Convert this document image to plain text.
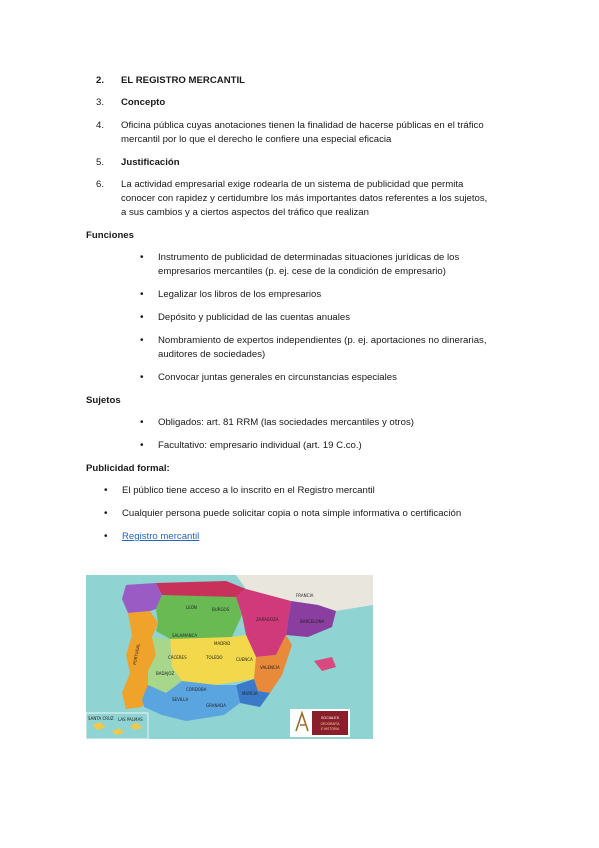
2. EL REGISTRO MERCANTIL
3. Concepto
4. Oficina pública cuyas anotaciones tienen la finalidad de hacerse públicas en el tráfico
mercantil por lo que el derecho le confiere una especial eficacia
5. Justificación
6. La actividad empresarial exige rodearla de un sistema de publicidad que permita
conocer con rapidez y certidumbre los más importantes datos referentes a los sujetos,
a sus cambios y a ciertos aspectos del tráfico que realizan
Funciones
• Instrumento de publicidad de determinadas situaciones jurídicas de los
empresarios mercantiles (p. ej. cese de la condición de empresario)
• Legalizar los libros de los empresarios
• Depósito y publicidad de las cuentas anuales
• Nombramiento de expertos independientes (p. ej. aportaciones no dinerarias,
auditores de sociedades)
• Convocar juntas generales en circunstancias especiales
Sujetos
• Obligados: art. 81 RRM (las sociedades mercantiles y otros)
• Facultativo: empresario individual (art. 19 C.co.)
Publicidad formal:
• El público tiene acceso a lo inscrito en el Registro mercantil
• Cualquier persona puede solicitar copia o nota simple informativa o certificación
• Registro mercantil
SOCIALES
GEOGRAFÍA
E HISTORIA
FRANCIA
PORTUGAL
SANTA CRUZ LAS PALMAS
LEÓN	BURGOS
ZARAGOZA	BARCELONA
MADRID
TOLEDO
VALENCIA
BADAJOZ
SEVILLA
GRANADA
MURCIA
CÁCERES	CUENCA
SALAMANCA
CÓRDOBA
